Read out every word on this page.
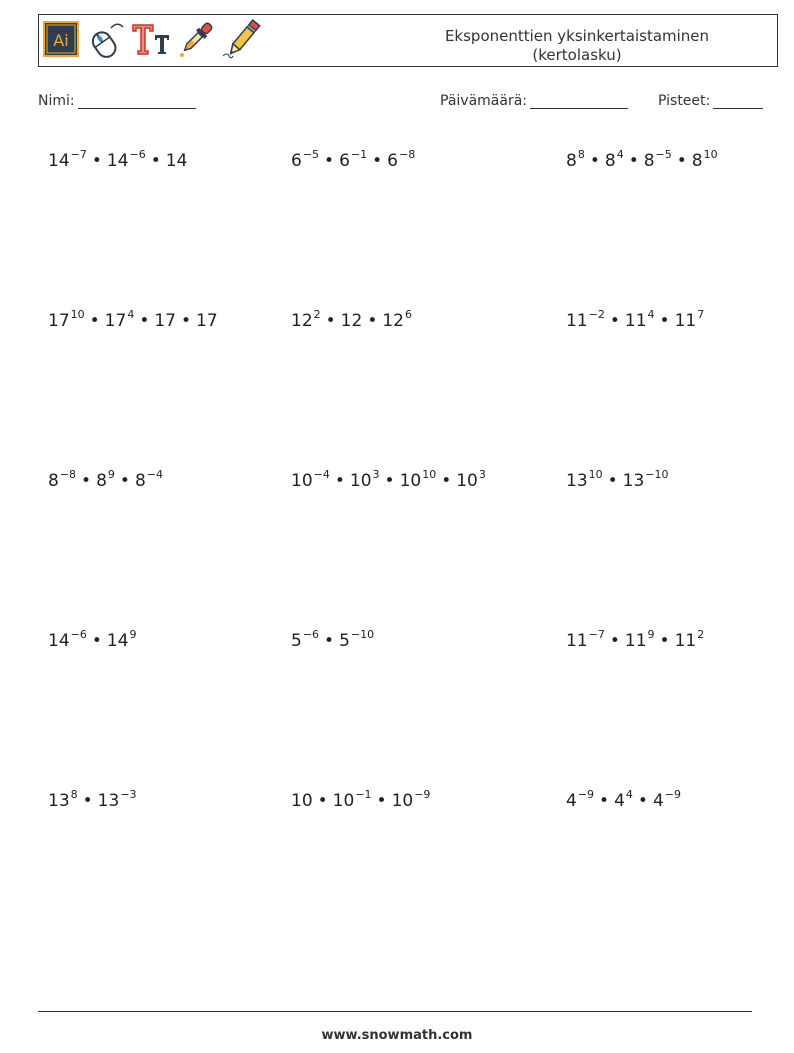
Ai	Eksponenttien yksinkertaistaminen
(kertolasku)
Nimi:	Päivämäärä:	Pisteet:
$14^{-7}$ • $14^{-6}$ • 14	$6^{-5}$ • $6^{-1}$ • $6^{-8}$	$8^8$ • $8^4$ • $8^{-5}$ • $8^{10}$
$17^{10}$ • $17^4$ • 17 • 17	$12^2$ • 12 • $12^6$	$11^{-2}$ • $11^4$ • $11^7$
$8^{-8}$ • $8^9$ • $8^{-4}$	$10^{-4}$ • $10^3$ • $10^{10}$ • $10^3$	$13^{10}$ • $13^{-10}$
$14^{-6}$ • $14^9$	$5^{-6}$ • $5^{-10}$	$11^{-7}$ • $11^9$ • $11^2$
$13^8$ • $13^{-3}$	10 • $10^{-1}$ • $10^{-9}$	$4^{-9}$ • $4^4$ • $4^{-9}$
www.snowmath.com
